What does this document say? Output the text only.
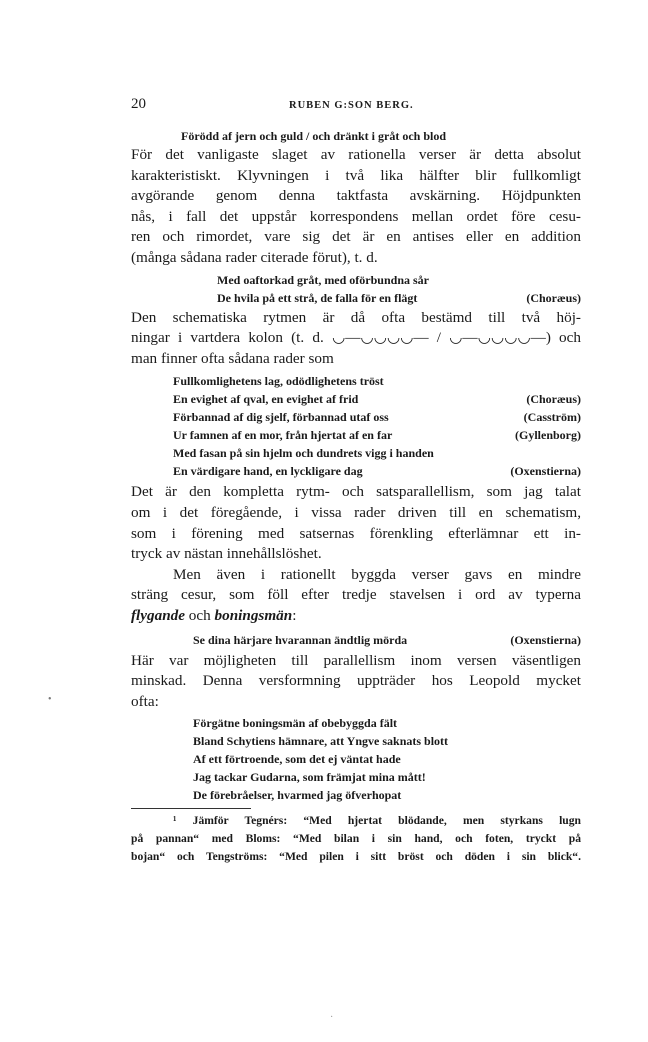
20	RUBEN G:SON BERG.
Förödd af jern och guld / och dränkt i gråt och blod
För det vanligaste slaget av rationella verser är detta absolut
karakteristiskt. Klyvningen i två lika hälfter blir fullkomligt
avgörande genom denna taktfasta avskärning. Höjdpunkten
nås, i fall det uppstår korrespondens mellan ordet före cesu-
ren och rimordet, vare sig det är en antises eller en addition
(många sådana rader citerade förut), t. d.
Med oaftorkad gråt, med oförbundna sår
De hvila på ett strå, de falla för en flägt	(Choræus)
Den schematiska rytmen är då ofta bestämd till två höj-
ningar i vartdera kolon (t. d. ◡—◡◡◡◡— / ◡—◡◡◡◡—) och
man finner ofta sådana rader som
Fullkomlighetens lag, odödlighetens tröst
En evighet af qval, en evighet af frid	(Choræus)
Förbannad af dig sjelf, förbannad utaf oss	(Casström)
Ur famnen af en mor, från hjertat af en far	(Gyllenborg)
Med fasan på sin hjelm och dundrets vigg i handen
En värdigare hand, en lyckligare dag	(Oxenstierna)
Det är den kompletta rytm- och satsparallellism, som jag talat
om i det föregående, i vissa rader driven till en schematism,
som i förening med satsernas förenkling efterlämnar ett in-
tryck av nästan innehållslöshet.
Men även i rationellt byggda verser gavs en mindre
sträng cesur, som föll efter tredje stavelsen i ord av typerna
flygande och boningsmän:
Se dina härjare hvarannan ändtlig mörda	(Oxenstierna)
Här var möjligheten till parallellism inom versen väsentligen
minskad. Denna versformning uppträder hos Leopold mycket
ofta:
Förgätne boningsmän af obebyggda fält
Bland Schytiens hämnare, att Yngve saknats blott
Af ett förtroende, som det ej väntat hade
Jag tackar Gudarna, som främjat mina mått!
De förebråelser, hvarmed jag öfverhopat
¹ Jämför Tegnérs: “Med hjertat blödande, men styrkans lugn
på pannan“ med Bloms: “Med bilan i sin hand, och foten, tryckt på
bojan“ och Tengströms: “Med pilen i sitt bröst och döden i sin blick“.
•
·
